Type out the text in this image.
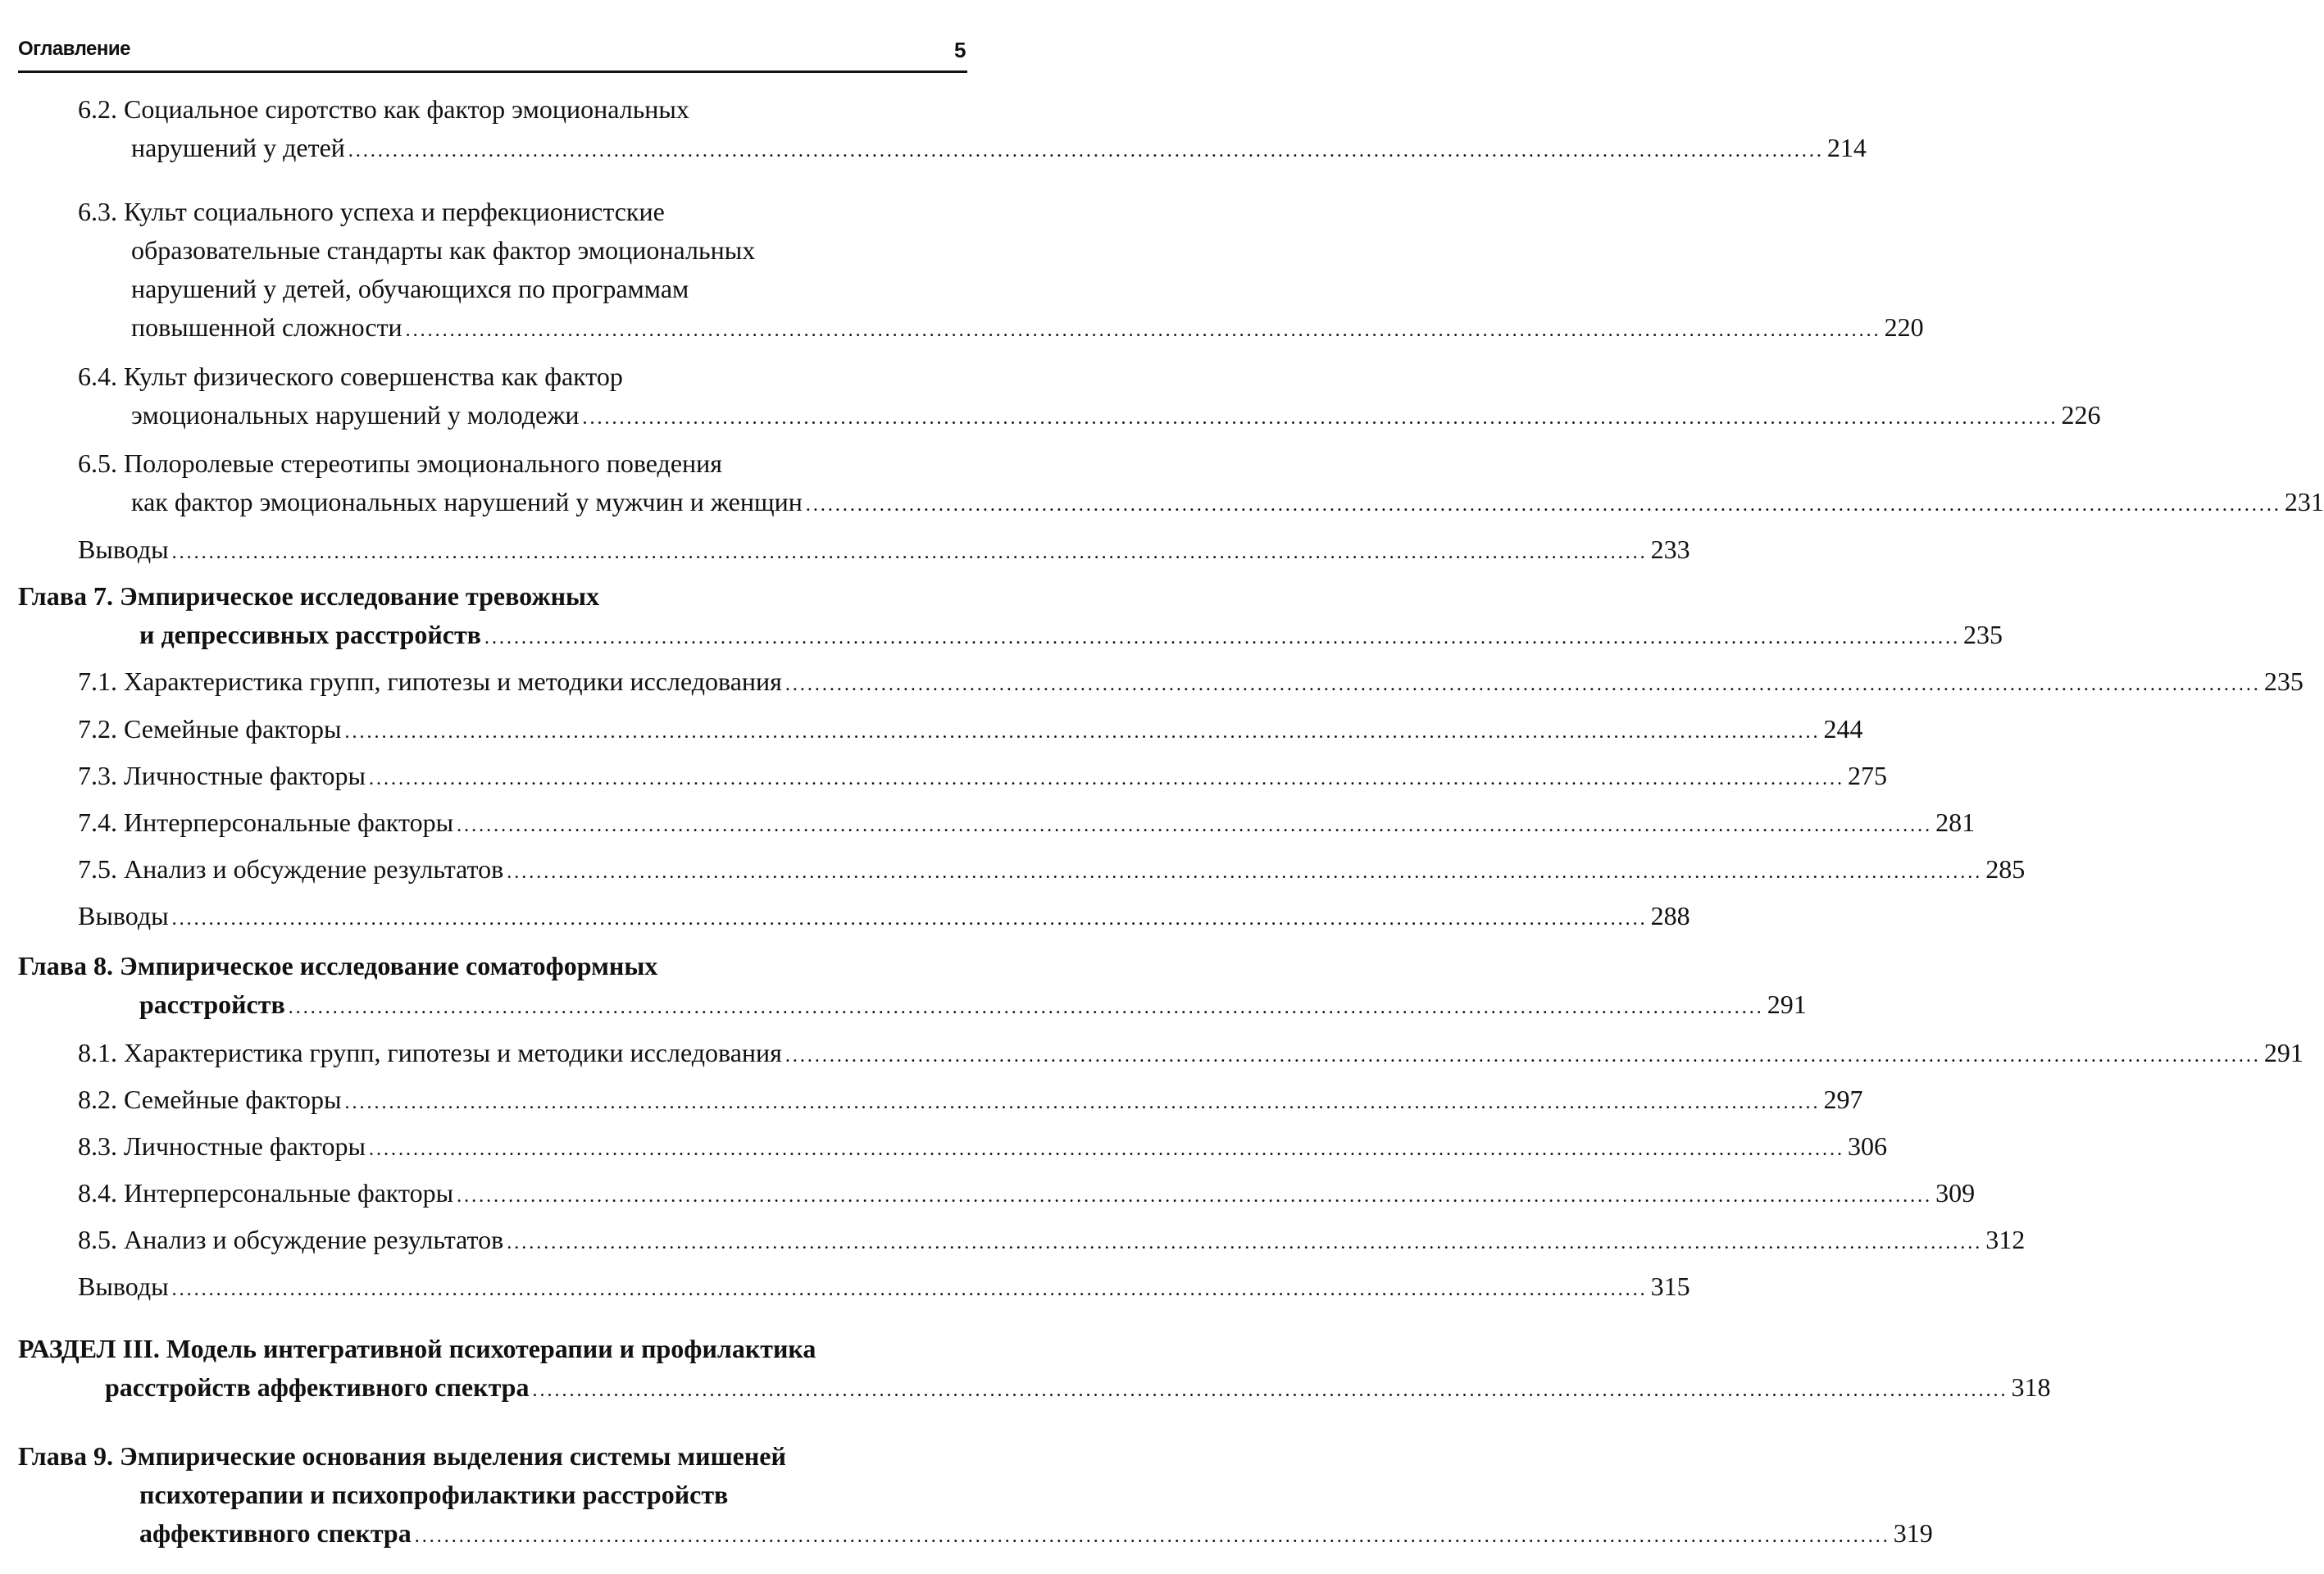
Оглавление	5
6.2. Социальное сиротство как фактор эмоциональных
нарушений у детей ........................................................................................................................................................................................................ 214
6.3. Культ социального успеха и перфекционистские
образовательные стандарты как фактор эмоциональных
нарушений у детей, обучающихся по программам
повышенной сложности ........................................................................................................................................................................................................ 220
6.4. Культ физического совершенства как фактор
эмоциональных нарушений у молодежи ........................................................................................................................................................................................................ 226
6.5. Полоролевые стереотипы эмоционального поведения
как фактор эмоциональных нарушений у мужчин и женщин ........................................................................................................................................................................................................ 231
Выводы ........................................................................................................................................................................................................ 233
Глава 7. Эмпирическое исследование тревожных
и депрессивных расстройств ........................................................................................................................................................................................................ 235
7.1. Характеристика групп, гипотезы и методики исследования ........................................................................................................................................................................................................ 235
7.2. Семейные факторы ........................................................................................................................................................................................................ 244
7.3. Личностные факторы ........................................................................................................................................................................................................ 275
7.4. Интерперсональные факторы ........................................................................................................................................................................................................ 281
7.5. Анализ и обсуждение результатов ........................................................................................................................................................................................................ 285
Выводы ........................................................................................................................................................................................................ 288
Глава 8. Эмпирическое исследование соматоформных
расстройств ........................................................................................................................................................................................................ 291
8.1. Характеристика групп, гипотезы и методики исследования ........................................................................................................................................................................................................ 291
8.2. Семейные факторы ........................................................................................................................................................................................................ 297
8.3. Личностные факторы ........................................................................................................................................................................................................ 306
8.4. Интерперсональные факторы ........................................................................................................................................................................................................ 309
8.5. Анализ и обсуждение результатов ........................................................................................................................................................................................................ 312
Выводы ........................................................................................................................................................................................................ 315
РАЗДЕЛ III. Модель интегративной психотерапии и профилактика
расстройств аффективного спектра ........................................................................................................................................................................................................ 318
Глава 9. Эмпирические основания выделения системы мишеней
психотерапии и психопрофилактики расстройств
аффективного спектра ........................................................................................................................................................................................................ 319
